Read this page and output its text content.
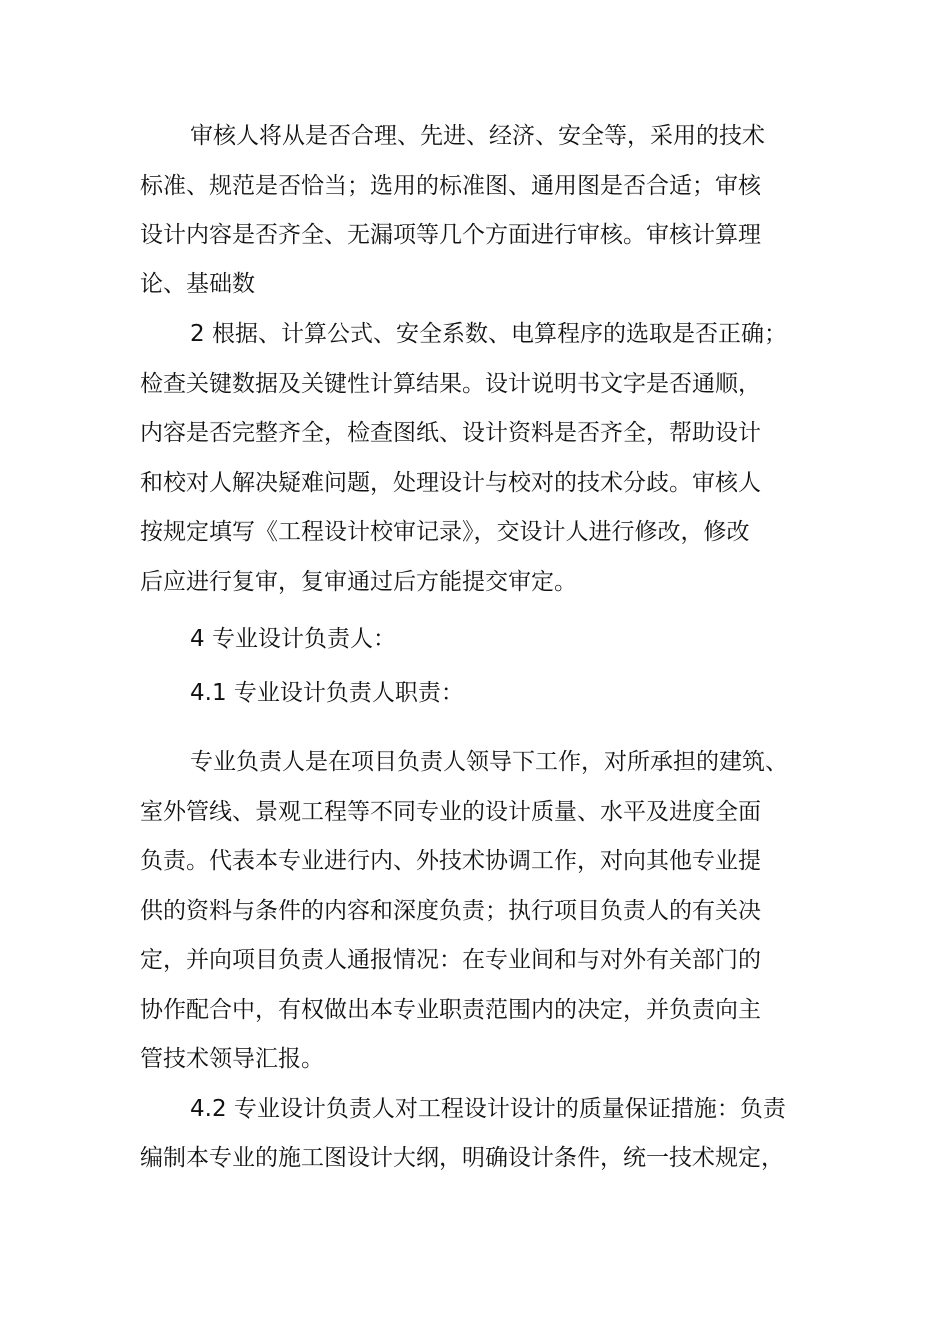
审核人将从是否合理、先进、经济、安全等，采用的技术

标准、规范是否恰当；选用的标准图、通用图是否合适；审核

设计内容是否齐全、无漏项等几个方面进行审核。审核计算理

论、基础数

2 根据、计算公式、安全系数、电算程序的选取是否正确；

检查关键数据及关键性计算结果。设计说明书文字是否通顺，

内容是否完整齐全，检查图纸、设计资料是否齐全，帮助设计

和校对人解决疑难问题，处理设计与校对的技术分歧。审核人

按规定填写《工程设计校审记录》，交设计人进行修改，修改

后应进行复审，复审通过后方能提交审定。

4 专业设计负责人：

4.1 专业设计负责人职责：

专业负责人是在项目负责人领导下工作，对所承担的建筑、

室外管线、景观工程等不同专业的设计质量、水平及进度全面

负责。代表本专业进行内、外技术协调工作，对向其他专业提

供的资料与条件的内容和深度负责；执行项目负责人的有关决

定，并向项目负责人通报情况：在专业间和与对外有关部门的

协作配合中，有权做出本专业职责范围内的决定，并负责向主

管技术领导汇报。

4.2 专业设计负责人对工程设计设计的质量保证措施：负责

编制本专业的施工图设计大纲，明确设计条件，统一技术规定，
